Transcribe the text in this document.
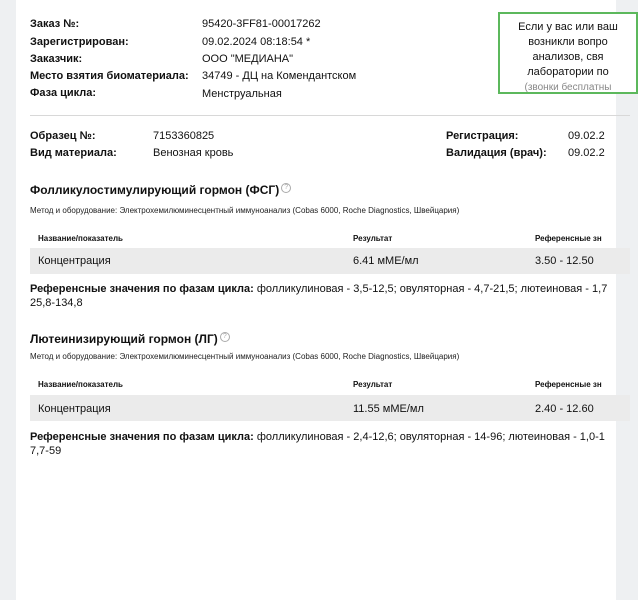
Заказ №:	95420-3FF81-00017262
Зарегистрирован:	09.02.2024 08:18:54 *
Заказчик:	ООО "МЕДИАНА"
Место взятия биоматериала: 34749 - ДЦ на Комендантском
Фаза цикла:	Менструальная
Если у вас или ваш
возникли вопро
анализов, свя
лаборатории по
(звонки бесплатны
Образец №:	7153360825	Регистрация:	09.02.2
Вид материала:	Венозная кровь	Валидация (врач): 09.02.2
Фолликулостимулирующий гормон (ФСГ) ?
Метод и оборудование: Электрохемилюминесцентный иммуноанализ (Cobas 6000, Roche Diagnostics, Швейцария)
Название/показатель	Результат	Референсные зн
Концентрация	6.41 мМЕ/мл	3.50 - 12.50
Референсные значения по фазам цикла: фолликулиновая - 3,5-12,5; овуляторная - 4,7-21,5; лютеиновая - 1,7
25,8-134,8
Лютеинизирующий гормон (ЛГ) ?
Метод и оборудование: Электрохемилюминесцентный иммуноанализ (Cobas 6000, Roche Diagnostics, Швейцария)
Название/показатель	Результат	Референсные зн
Концентрация	11.55 мМЕ/мл	2.40 - 12.60
Референсные значения по фазам цикла: фолликулиновая - 2,4-12,6; овуляторная - 14-96; лютеиновая - 1,0-1
7,7-59
